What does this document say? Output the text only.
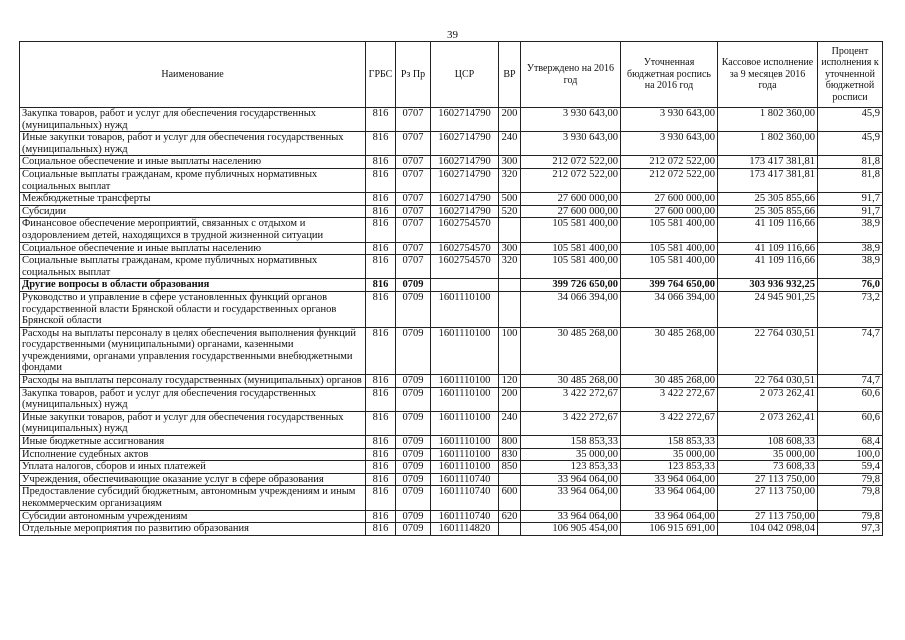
39
Наименование	ГРБС	Рз Пр	ЦСР	ВР	Утверждено на 2016 год	Уточненная бюджетная роспись на 2016 год	Кассовое исполнение за 9 месяцев 2016 года	Процент исполнения к уточненной бюджетной росписи
Закупка товаров, работ и услуг для обеспечения государственных (муниципальных) нужд	816	0707	1602714790	200	3 930 643,00	3 930 643,00	1 802 360,00	45,9
Иные закупки товаров, работ и услуг для обеспечения государственных (муниципальных) нужд	816	0707	1602714790	240	3 930 643,00	3 930 643,00	1 802 360,00	45,9
Социальное обеспечение и иные выплаты населению	816	0707	1602714790	300	212 072 522,00	212 072 522,00	173 417 381,81	81,8
Социальные выплаты гражданам, кроме публичных нормативных социальных выплат	816	0707	1602714790	320	212 072 522,00	212 072 522,00	173 417 381,81	81,8
Межбюджетные трансферты	816	0707	1602714790	500	27 600 000,00	27 600 000,00	25 305 855,66	91,7
Субсидии	816	0707	1602714790	520	27 600 000,00	27 600 000,00	25 305 855,66	91,7
Финансовое обеспечение мероприятий, связанных с отдыхом и оздоровлением детей, находящихся в трудной жизненной ситуации	816	0707	1602754570		105 581 400,00	105 581 400,00	41 109 116,66	38,9
Социальное обеспечение и иные выплаты населению	816	0707	1602754570	300	105 581 400,00	105 581 400,00	41 109 116,66	38,9
Социальные выплаты гражданам, кроме публичных нормативных социальных выплат	816	0707	1602754570	320	105 581 400,00	105 581 400,00	41 109 116,66	38,9
Другие вопросы в области образования	816	0709			399 726 650,00	399 764 650,00	303 936 932,25	76,0
Руководство и управление в сфере установленных функций органов государственной власти Брянской области и государственных органов Брянской области	816	0709	1601110100		34 066 394,00	34 066 394,00	24 945 901,25	73,2
Расходы на выплаты персоналу в целях обеспечения выполнения функций государственными (муниципальными) органами, казенными учреждениями, органами управления государственными внебюджетными фондами	816	0709	1601110100	100	30 485 268,00	30 485 268,00	22 764 030,51	74,7
Расходы на выплаты персоналу государственных (муниципальных) органов	816	0709	1601110100	120	30 485 268,00	30 485 268,00	22 764 030,51	74,7
Закупка товаров, работ и услуг для обеспечения государственных (муниципальных) нужд	816	0709	1601110100	200	3 422 272,67	3 422 272,67	2 073 262,41	60,6
Иные закупки товаров, работ и услуг для обеспечения государственных (муниципальных) нужд	816	0709	1601110100	240	3 422 272,67	3 422 272,67	2 073 262,41	60,6
Иные бюджетные ассигнования	816	0709	1601110100	800	158 853,33	158 853,33	108 608,33	68,4
Исполнение судебных актов	816	0709	1601110100	830	35 000,00	35 000,00	35 000,00	100,0
Уплата налогов, сборов и иных платежей	816	0709	1601110100	850	123 853,33	123 853,33	73 608,33	59,4
Учреждения, обеспечивающие оказание услуг в сфере образования	816	0709	1601110740		33 964 064,00	33 964 064,00	27 113 750,00	79,8
Предоставление субсидий бюджетным, автономным учреждениям и иным некоммерческим организациям	816	0709	1601110740	600	33 964 064,00	33 964 064,00	27 113 750,00	79,8
Субсидии автономным учреждениям	816	0709	1601110740	620	33 964 064,00	33 964 064,00	27 113 750,00	79,8
Отдельные мероприятия по развитию образования	816	0709	1601114820		106 905 454,00	106 915 691,00	104 042 098,04	97,3
